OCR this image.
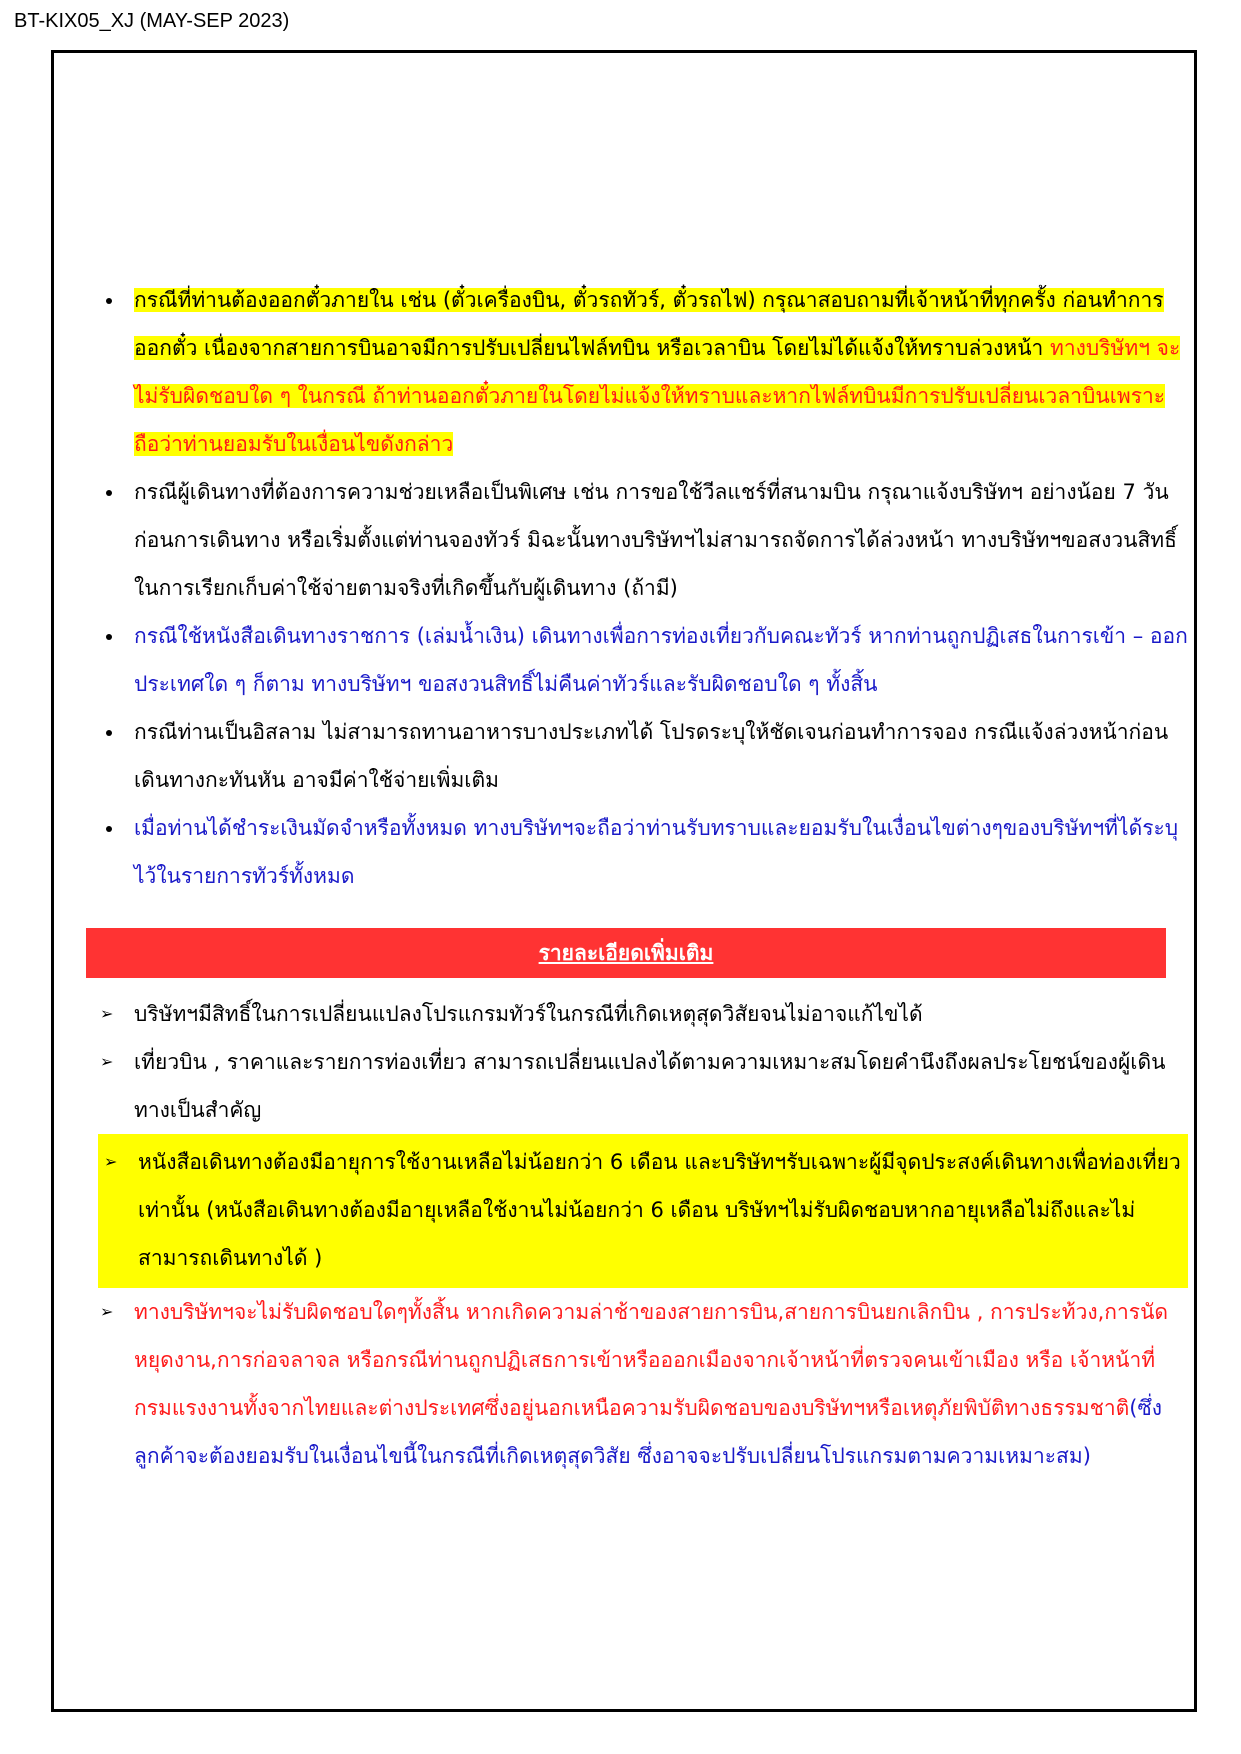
BT-KIX05_XJ (MAY-SEP 2023)
กรณีที่ท่านต้องออกตั๋วภายใน เช่น (ตั๋วเครื่องบิน, ตั๋วรถทัวร์, ตั๋วรถไฟ) กรุณาสอบถามที่เจ้าหน้าที่ทุกครั้ง ก่อนทำการออกตั๋ว เนื่องจากสายการบินอาจมีการปรับเปลี่ยนไฟล์ทบิน หรือเวลาบิน โดยไม่ได้แจ้งให้ทราบล่วงหน้า ทางบริษัทฯ จะไม่รับผิดชอบใด ๆ ในกรณี ถ้าท่านออกตั๋วภายในโดยไม่แจ้งให้ทราบและหากไฟล์ทบินมีการปรับเปลี่ยนเวลาบินเพราะถือว่าท่านยอมรับในเงื่อนไขดังกล่าว
กรณีผู้เดินทางที่ต้องการความช่วยเหลือเป็นพิเศษ เช่น การขอใช้วีลแชร์ที่สนามบิน กรุณาแจ้งบริษัทฯ อย่างน้อย 7 วันก่อนการเดินทาง หรือเริ่มตั้งแต่ท่านจองทัวร์ มิฉะนั้นทางบริษัทฯไม่สามารถจัดการได้ล่วงหน้า ทางบริษัทฯขอสงวนสิทธิ์ในการเรียกเก็บค่าใช้จ่ายตามจริงที่เกิดขึ้นกับผู้เดินทาง (ถ้ามี)
กรณีใช้หนังสือเดินทางราชการ (เล่มน้ำเงิน) เดินทางเพื่อการท่องเที่ยวกับคณะทัวร์ หากท่านถูกปฏิเสธในการเข้า – ออกประเทศใด ๆ ก็ตาม ทางบริษัทฯ ขอสงวนสิทธิ์ไม่คืนค่าทัวร์และรับผิดชอบใด ๆ ทั้งสิ้น
กรณีท่านเป็นอิสลาม ไม่สามารถทานอาหารบางประเภทได้ โปรดระบุให้ชัดเจนก่อนทำการจอง กรณีแจ้งล่วงหน้าก่อนเดินทางกะทันหัน อาจมีค่าใช้จ่ายเพิ่มเติม
เมื่อท่านได้ชำระเงินมัดจำหรือทั้งหมด ทางบริษัทฯจะถือว่าท่านรับทราบและยอมรับในเงื่อนไขต่างๆของบริษัทฯที่ได้ระบุไว้ในรายการทัวร์ทั้งหมด
รายละเอียดเพิ่มเติม
➢ บริษัทฯมีสิทธิ์ในการเปลี่ยนแปลงโปรแกรมทัวร์ในกรณีที่เกิดเหตุสุดวิสัยจนไม่อาจแก้ไขได้
➢ เที่ยวบิน , ราคาและรายการท่องเที่ยว สามารถเปลี่ยนแปลงได้ตามความเหมาะสมโดยคำนึงถึงผลประโยชน์ของผู้เดินทางเป็นสำคัญ
➢ หนังสือเดินทางต้องมีอายุการใช้งานเหลือไม่น้อยกว่า 6 เดือน และบริษัทฯรับเฉพาะผู้มีจุดประสงค์เดินทางเพื่อท่องเที่ยวเท่านั้น (หนังสือเดินทางต้องมีอายุเหลือใช้งานไม่น้อยกว่า 6 เดือน บริษัทฯไม่รับผิดชอบหากอายุเหลือไม่ถึงและไม่สามารถเดินทางได้ )
➢ ทางบริษัทฯจะไม่รับผิดชอบใดๆทั้งสิ้น หากเกิดความล่าช้าของสายการบิน,สายการบินยกเลิกบิน , การประท้วง,การนัดหยุดงาน,การก่อจลาจล หรือกรณีท่านถูกปฏิเสธการเข้าหรือออกเมืองจากเจ้าหน้าที่ตรวจคนเข้าเมือง หรือ เจ้าหน้าที่กรมแรงงานทั้งจากไทยและต่างประเทศซึ่งอยู่นอกเหนือความรับผิดชอบของบริษัทฯหรือเหตุภัยพิบัติทางธรรมชาติ(ซึ่งลูกค้าจะต้องยอมรับในเงื่อนไขนี้ในกรณีที่เกิดเหตุสุดวิสัย ซึ่งอาจจะปรับเปลี่ยนโปรแกรมตามความเหมาะสม)
